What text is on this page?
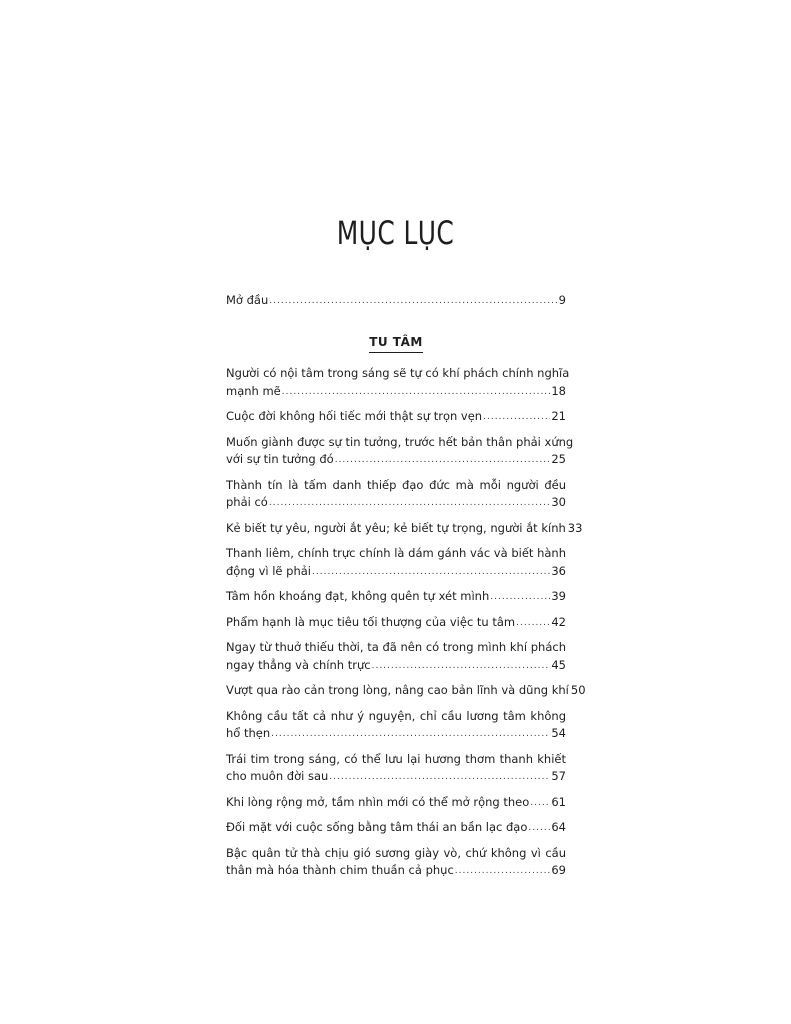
MỤC LỤC
Mở đầu .....	9
TU TÂM
Người có nội tâm trong sáng sẽ tự có khí phách chính nghĩa
mạnh mẽ .....	18
Cuộc đời không hối tiếc mới thật sự trọn vẹn .....	21
Muốn giành được sự tin tưởng, trước hết bản thân phải xứng
với sự tin tưởng đó .....	25
Thành tín là tấm danh thiếp đạo đức mà mỗi người đều
phải có .....	30
Kẻ biết tự yêu, người ắt yêu; kẻ biết tự trọng, người ắt kính 33
Thanh liêm, chính trực chính là dám gánh vác và biết hành
động vì lẽ phải .....	36
Tâm hồn khoáng đạt, không quên tự xét mình .....	39
Phẩm hạnh là mục tiêu tối thượng của việc tu tâm .....	42
Ngay từ thuở thiếu thời, ta đã nên có trong mình khí phách
ngay thẳng và chính trực .....	45
Vượt qua rào cản trong lòng, nâng cao bản lĩnh và dũng khí 50
Không cầu tất cả như ý nguyện, chỉ cầu lương tâm không
hổ thẹn .....	54
Trái tim trong sáng, có thể lưu lại hương thơm thanh khiết
cho muôn đời sau .....	57
Khi lòng rộng mở, tầm nhìn mới có thể mở rộng theo ..... 61
Đối mặt với cuộc sống bằng tâm thái an bần lạc đạo ..... 64
Bậc quân tử thà chịu gió sương giày vò, chứ không vì cầu
thân mà hóa thành chim thuần cả phục .....	69
